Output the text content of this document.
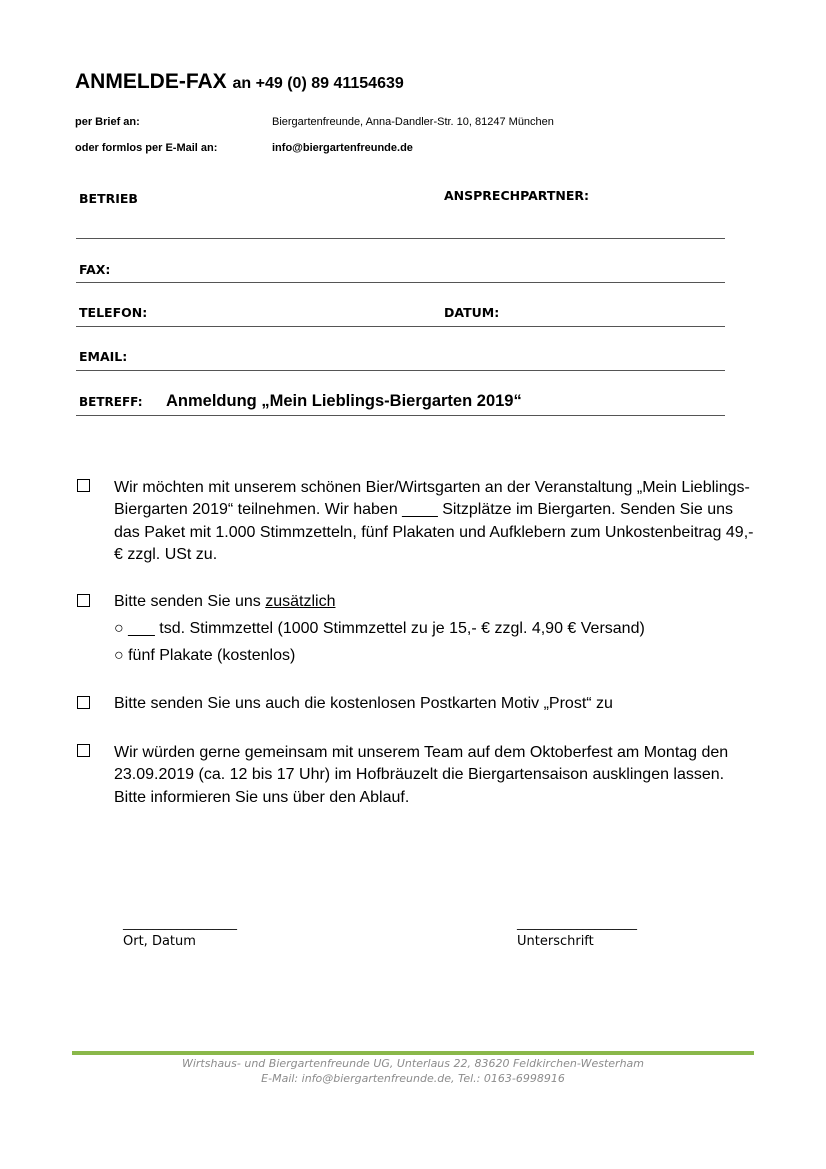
ANMELDE-FAX an +49 (0) 89 41154639
per Brief an:	Biergartenfreunde, Anna-Dandler-Str. 10, 81247 München
oder formlos per E-Mail an:	info@biergartenfreunde.de
BETRIEB	ANSPRECHPARTNER:
FAX:
TELEFON:	DATUM:
EMAIL:
BETREFF: Anmeldung „Mein Lieblings-Biergarten 2019“
Wir möchten mit unserem schönen Bier/Wirtsgarten an der Veranstaltung „Mein Lieblings-Biergarten 2019“ teilnehmen. Wir haben ____ Sitzplätze im Biergarten. Senden Sie uns das Paket mit 1.000 Stimmzetteln, fünf Plakaten und Aufklebern zum Unkostenbeitrag 49,- € zzgl. USt zu.
Bitte senden Sie uns zusätzlich
○ ___ tsd. Stimmzettel (1000 Stimmzettel zu je 15,- € zzgl. 4,90 € Versand)
○ fünf Plakate (kostenlos)
Bitte senden Sie uns auch die kostenlosen Postkarten Motiv „Prost“ zu
Wir würden gerne gemeinsam mit unserem Team auf dem Oktoberfest am Montag den 23.09.2019 (ca. 12 bis 17 Uhr) im Hofbräuzelt die Biergartensaison ausklingen lassen. Bitte informieren Sie uns über den Ablauf.
___________________
Ort, Datum
____________________
Unterschrift
Wirtshaus- und Biergartenfreunde UG, Unterlaus 22, 83620 Feldkirchen-Westerham
E-Mail: info@biergartenfreunde.de, Tel.: 0163-6998916
